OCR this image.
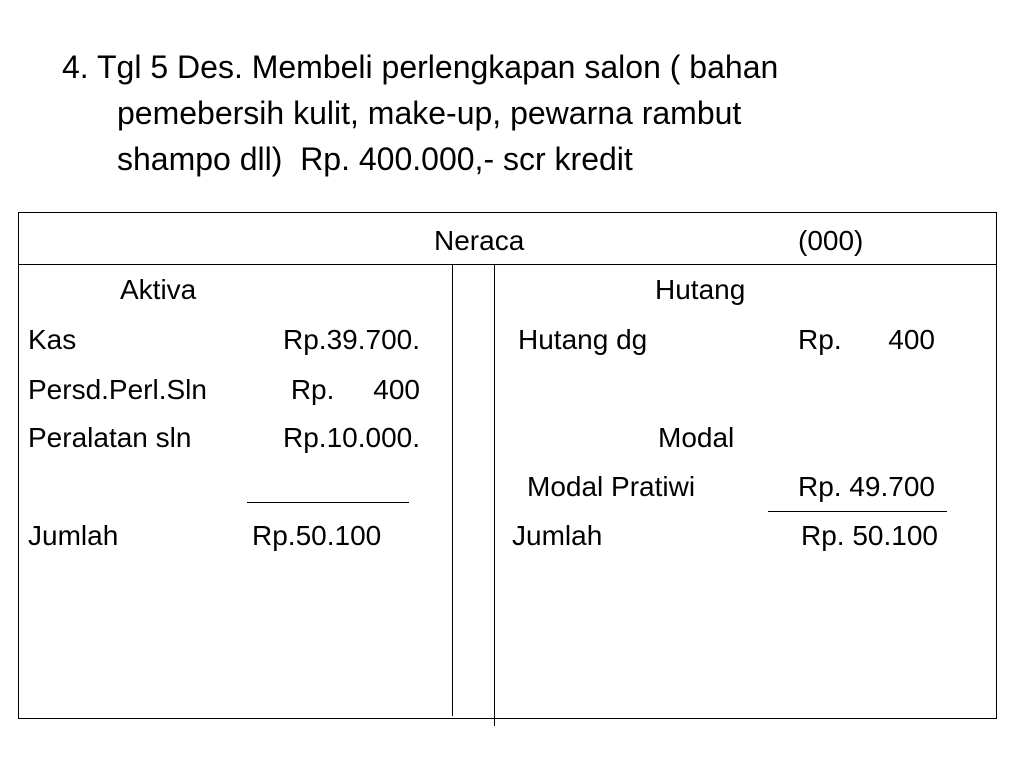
4. Tgl 5 Des. Membeli perlengkapan salon ( bahan
pemebersih kulit, make-up, pewarna rambut
shampo dll)  Rp. 400.000,- scr kredit
Neraca	(000)
Aktiva
Kas	Rp.39.700.
Persd.Perl.Sln	Rp.     400
Peralatan sln	Rp.10.000.
Jumlah	Rp.50.100
Hutang
Hutang dg	Rp.      400
Modal
Modal Pratiwi	Rp. 49.700
Jumlah	Rp. 50.100
